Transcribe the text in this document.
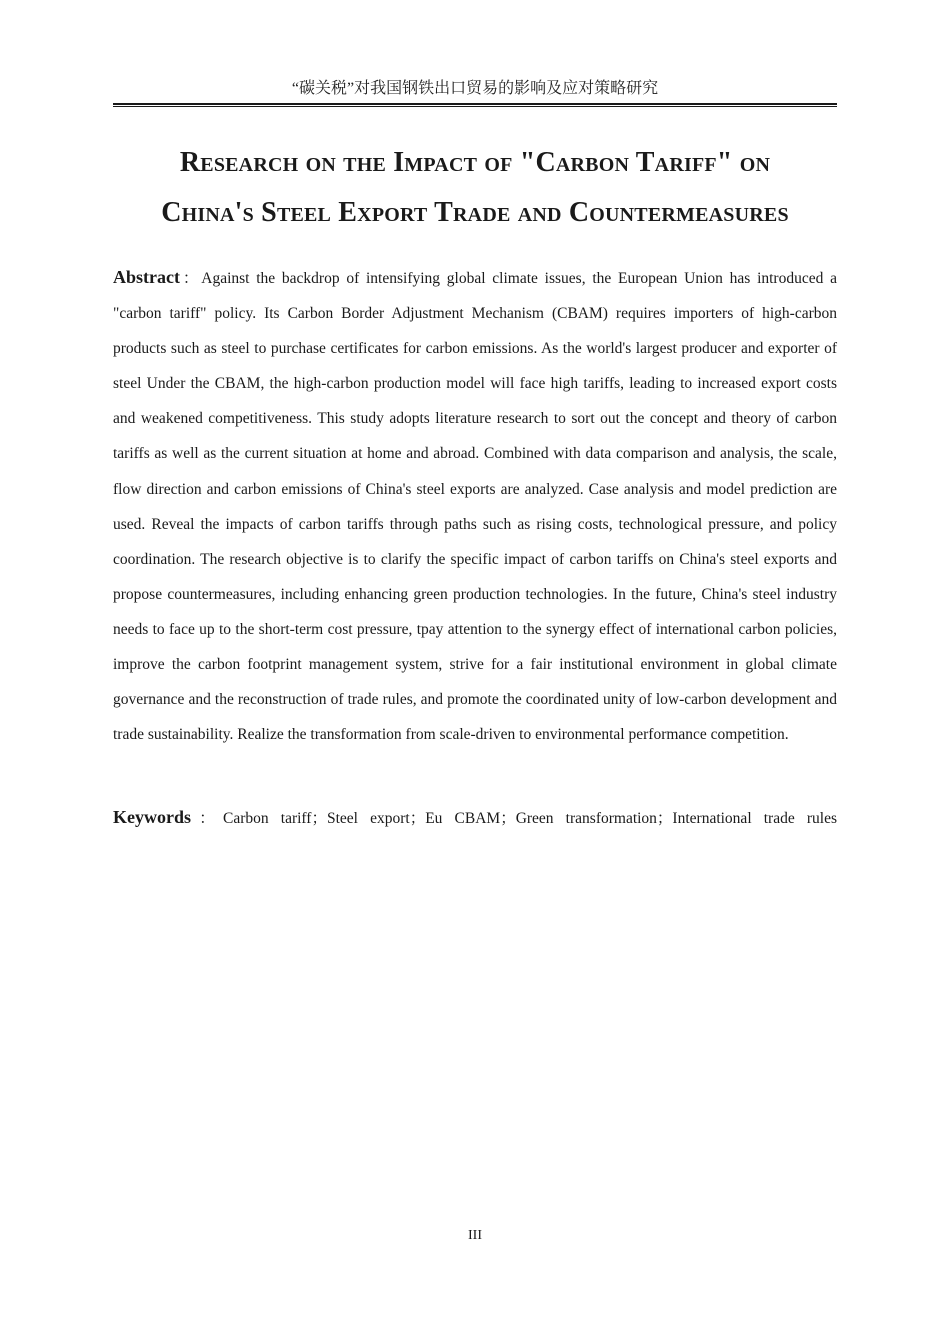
“碳关税”对我国钢铁出口贸易的影响及应对策略研究
Research on the Impact of "Carbon Tariff" on
China's Steel Export Trade and Countermeasures
Abstract：Against the backdrop of intensifying global climate issues, the European Union has introduced a "carbon tariff" policy. Its Carbon Border Adjustment Mechanism (CBAM) requires importers of high-carbon products such as steel to purchase certificates for carbon emissions. As the world's largest producer and exporter of steel Under the CBAM, the high-carbon production model will face high tariffs, leading to increased export costs and weakened competitiveness. This study adopts literature research to sort out the concept and theory of carbon tariffs as well as the current situation at home and abroad. Combined with data comparison and analysis, the scale, flow direction and carbon emissions of China's steel exports are analyzed. Case analysis and model prediction are used. Reveal the impacts of carbon tariffs through paths such as rising costs, technological pressure, and policy coordination. The research objective is to clarify the specific impact of carbon tariffs on China's steel exports and propose countermeasures, including enhancing green production technologies. In the future, China's steel industry needs to face up to the short-term cost pressure, tpay attention to the synergy effect of international carbon policies, improve the carbon footprint management system, strive for a fair institutional environment in global climate governance and the reconstruction of trade rules, and promote the coordinated unity of low-carbon development and trade sustainability. Realize the transformation from scale-driven to environmental performance competition.
Keywords：Carbon tariff；Steel export；Eu CBAM；Green transformation；International trade rules
III
